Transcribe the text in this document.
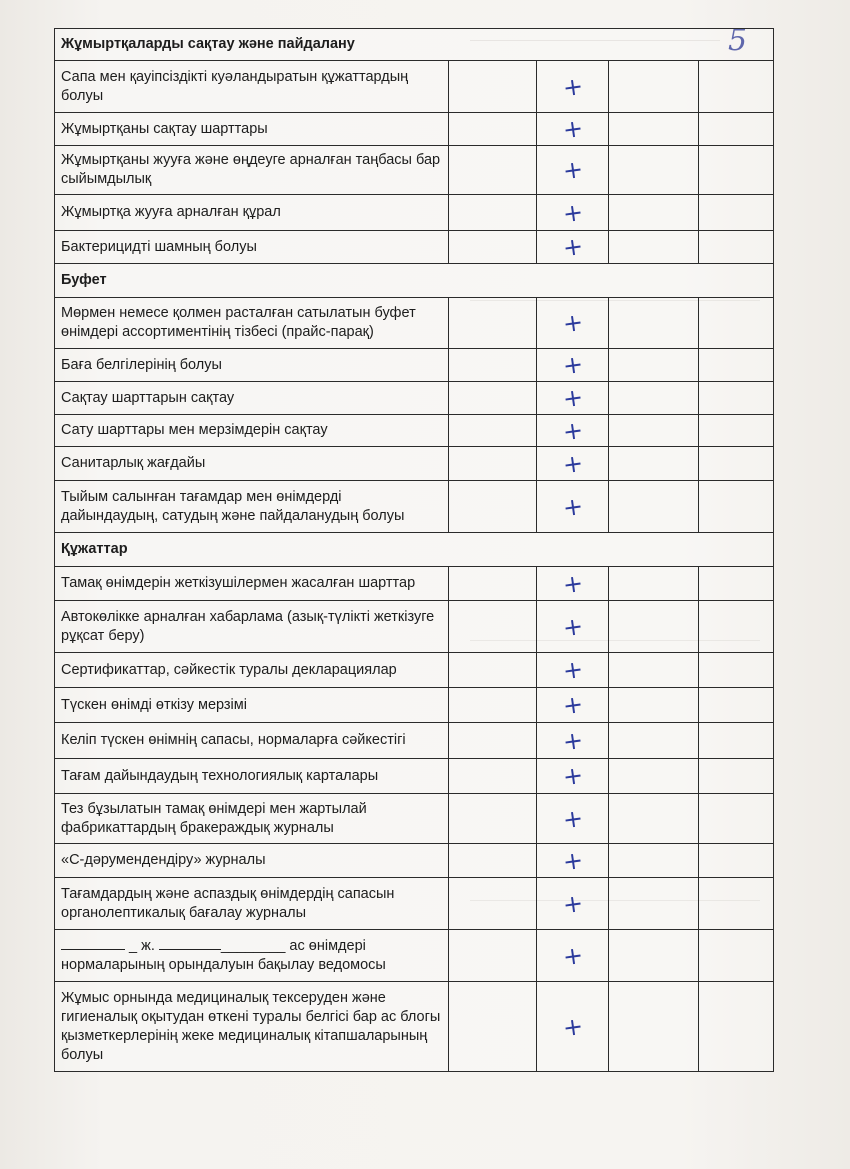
5
Жұмыртқаларды сақтау және пайдалану				
Сапа мен қауіпсіздікті куәландыратын құжаттардың болуы		+		

Жұмыртқаны сақтау шарттары		+		

Жұмыртқаны жууға және өңдеуге арналған таңбасы бар сыйымдылық		+		

Жұмыртқа жууға арналған құрал		+		

Бактерицидті шамның болуы		+		

Буфет				
Мөрмен немесе қолмен расталған сатылатын буфет өнімдері ассортиментінің тізбесі (прайс-парақ)		+		

Баға белгілерінің болуы		+		

Сақтау шарттарын сақтау		+		

Сату шарттары мен мерзімдерін сақтау		+		

Санитарлық жағдайы		+		

Тыйым салынған тағамдар мен өнімдерді дайындаудың, сатудың және пайдаланудың болуы		+		

Құжаттар				
Тамақ өнімдерін жеткізушілермен жасалған шарттар		+		

Автокөлікке арналған хабарлама (азық-түлікті жеткізуге рұқсат беру)		+		

Сертификаттар, сәйкестік туралы декларациялар		+		

Түскен өнімді өткізу мерзімі		+		

Келіп түскен өнімнің сапасы, нормаларға сәйкестігі		+		

Тағам дайындаудың технологиялық карталары		+		

Тез бұзылатын тамақ өнімдері мен жартылай фабрикаттардың бракераждық журналы		+		

«С-дәрумендендіру» журналы		+		

Тағамдардың және аспаздық өнімдердің сапасын органолептикалық бағалау журналы		+		

_ ж. ________ ас өнімдері нормаларының орындалуын бақылау ведомосы		+		

Жұмыс орнында медициналық тексеруден және гигиеналық оқытудан өткені туралы белгісі бар ас блогы қызметкерлерінің жеке медициналық кітапшаларының болуы		+		
